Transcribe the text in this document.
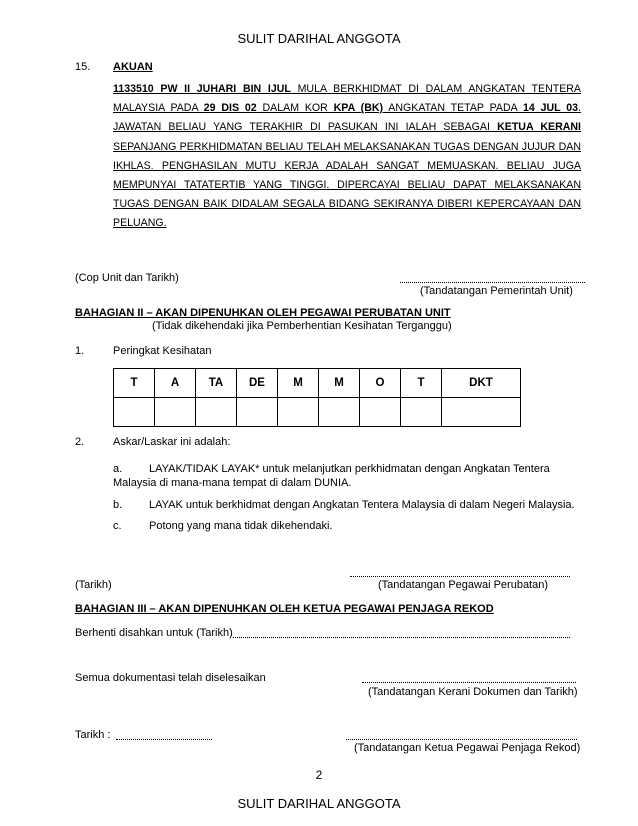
SULIT DARIHAL ANGGOTA
15. AKUAN
1133510 PW II JUHARI BIN IJUL MULA BERKHIDMAT DI DALAM ANGKATAN TENTERA
MALAYSIA PADA 29 DIS 02 DALAM KOR KPA (BK) ANGKATAN TETAP PADA 14 JUL 03.
JAWATAN BELIAU YANG TERAKHIR DI PASUKAN INI IALAH SEBAGAI KETUA KERANI
SEPANJANG PERKHIDMATAN BELIAU TELAH MELAKSANAKAN TUGAS DENGAN JUJUR DAN
IKHLAS. PENGHASILAN MUTU KERJA ADALAH SANGAT MEMUASKAN. BELIAU JUGA
MEMPUNYAI TATATERTIB YANG TINGGI. DIPERCAYAI BELIAU DAPAT MELAKSANAKAN
TUGAS DENGAN BAIK DIDALAM SEGALA BIDANG SEKIRANYA DIBERI KEPERCAYAAN DAN
PELUANG.
(Cop Unit dan Tarikh)
(Tandatangan Pemerintah Unit)
BAHAGIAN II – AKAN DIPENUHKAN OLEH PEGAWAI PERUBATAN UNIT
(Tidak dikehendaki jika Pemberhentian Kesihatan Terganggu)
1.	Peringkat Kesihatan
T	A	TA	DE	M	M	O	T	DKT

2.	Askar/Laskar ini adalah:
a. LAYAK/TIDAK LAYAK* untuk melanjutkan perkhidmatan dengan Angkatan Tentera
Malaysia di mana-mana tempat di dalam DUNIA.
b. LAYAK untuk berkhidmat dengan Angkatan Tentera Malaysia di dalam Negeri Malaysia.
c. Potong yang mana tidak dikehendaki.
(Tarikh)	(Tandatangan Pegawai Perubatan)
BAHAGIAN III – AKAN DIPENUHKAN OLEH KETUA PEGAWAI PENJAGA REKOD
Berhenti disahkan untuk (Tarikh)
Semua dokumentasi telah diselesaikan
(Tandatangan Kerani Dokumen dan Tarikh)
Tarikh :
(Tandatangan Ketua Pegawai Penjaga Rekod)
2
SULIT DARIHAL ANGGOTA
